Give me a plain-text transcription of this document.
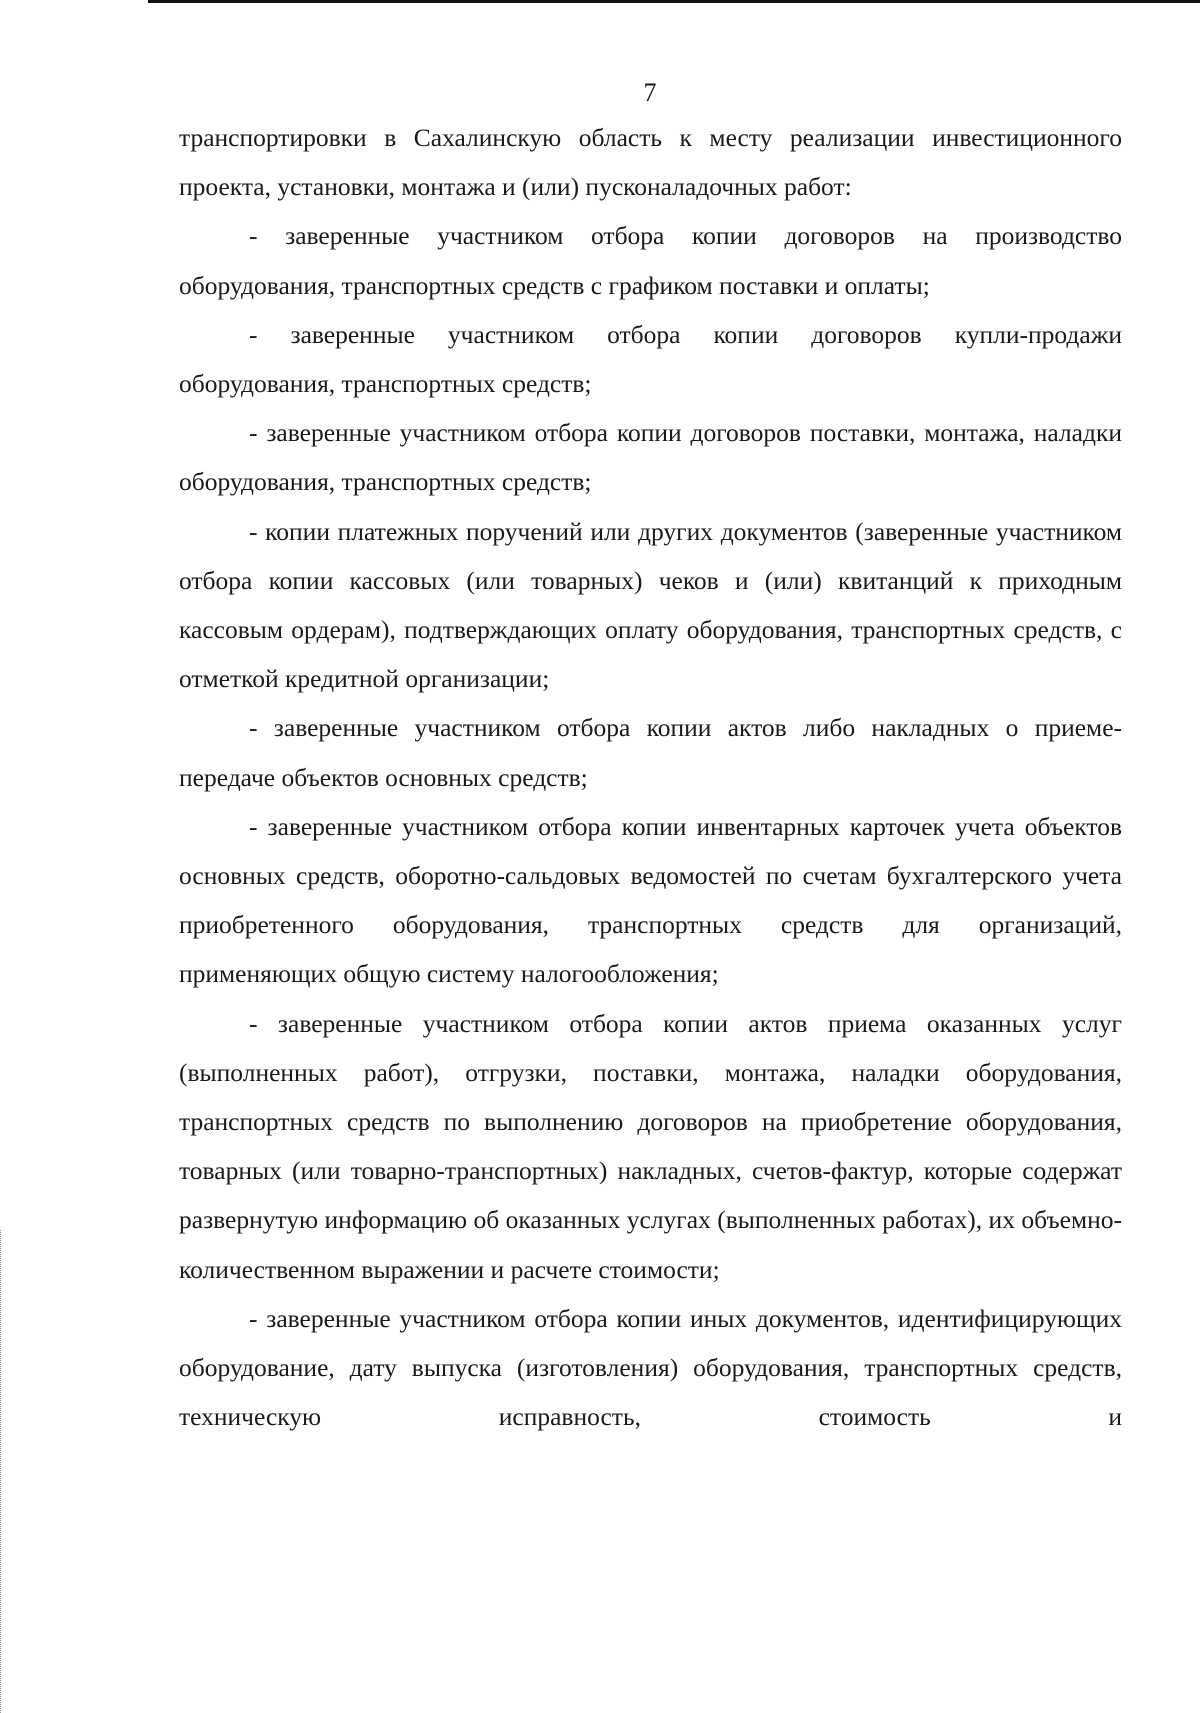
7

транспортировки в Сахалинскую область к месту реализации инвестиционного проекта, установки, монтажа и (или) пусконаладочных работ:

- заверенные участником отбора копии договоров на производство оборудования, транспортных средств с графиком поставки и оплаты;

- заверенные участником отбора копии договоров купли-продажи оборудования, транспортных средств;

- заверенные участником отбора копии договоров поставки, монтажа, наладки оборудования, транспортных средств;

- копии платежных поручений или других документов (заверенные участником отбора копии кассовых (или товарных) чеков и (или) квитанций к приходным кассовым ордерам), подтверждающих оплату оборудования, транспортных средств, с отметкой кредитной организации;

- заверенные участником отбора копии актов либо накладных о приеме-передаче объектов основных средств;

- заверенные участником отбора копии инвентарных карточек учета объектов основных средств, оборотно-сальдовых ведомостей по счетам бухгалтерского учета приобретенного оборудования, транспортных средств для организаций, применяющих общую систему налогообложения;

- заверенные участником отбора копии актов приема оказанных услуг (выполненных работ), отгрузки, поставки, монтажа, наладки оборудования, транспортных средств по выполнению договоров на приобретение оборудования, товарных (или товарно-транспортных) накладных, счетов-фактур, которые содержат развернутую информацию об оказанных услугах (выполненных работах), их объемно-количественном выражении и расчете стоимости;

- заверенные участником отбора копии иных документов, идентифицирующих оборудование, дату выпуска (изготовления) оборудования, транспортных средств, техническую исправность, стоимость и
